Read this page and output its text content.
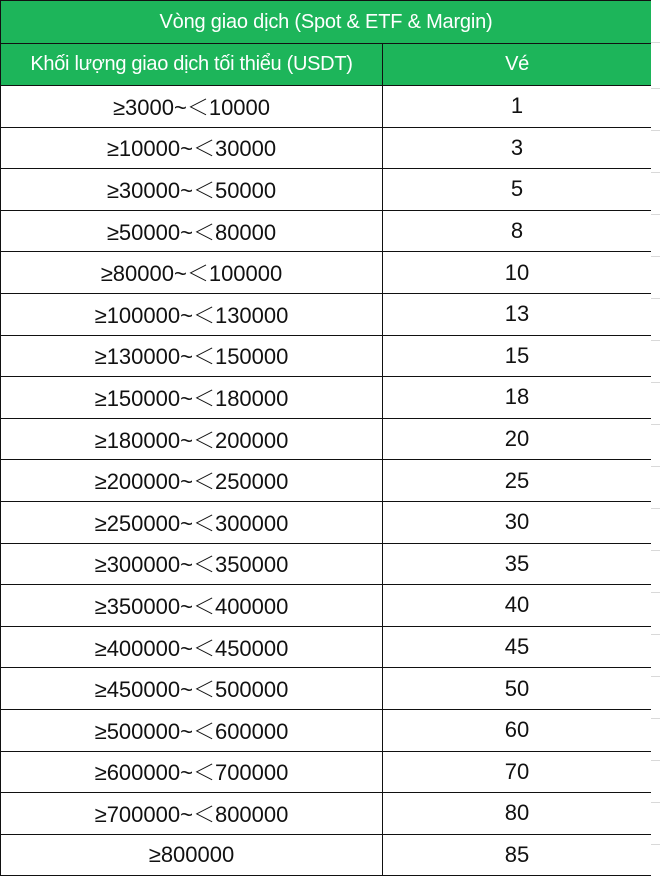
Vòng giao dịch (Spot & ETF & Margin)	
Khối lượng giao dịch tối thiểu (USDT)	Vé
≥3000~＜10000	1
≥10000~＜30000	3
≥30000~＜50000	5
≥50000~＜80000	8
≥80000~＜100000	10
≥100000~＜130000	13
≥130000~＜150000	15
≥150000~＜180000	18
≥180000~＜200000	20
≥200000~＜250000	25
≥250000~＜300000	30
≥300000~＜350000	35
≥350000~＜400000	40
≥400000~＜450000	45
≥450000~＜500000	50
≥500000~＜600000	60
≥600000~＜700000	70
≥700000~＜800000	80
≥800000	85
